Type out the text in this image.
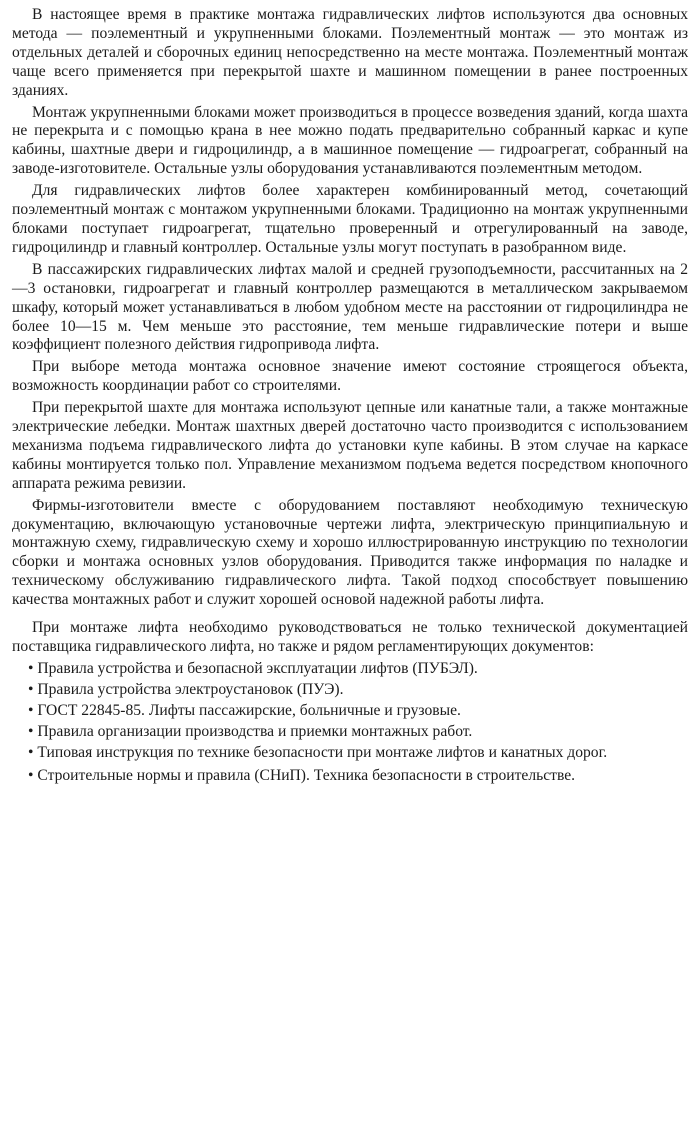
В настоящее время в практике монтажа гидравлических лифтов используются два основных метода — поэлементный и укрупненными блоками. Поэлементный монтаж — это монтаж из отдельных деталей и сборочных единиц непосредственно на месте монтажа. Поэлементный монтаж чаще всего применяется при перекрытой шахте и машинном помещении в ранее построенных зданиях.

Монтаж укрупненными блоками может производиться в процессе возведения зданий, когда шахта не перекрыта и с помощью крана в нее можно подать предварительно собранный каркас и купе кабины, шахтные двери и гидроцилиндр, а в машинное помещение — гидроагрегат, собранный на заводе-изготовителе. Остальные узлы оборудования устанавливаются поэлементным методом.

Для гидравлических лифтов более характерен комбинированный метод, сочетающий поэлементный монтаж с монтажом укрупненными блоками. Традиционно на монтаж укрупненными блоками поступает гидроагрегат, тщательно проверенный и отрегулированный на заводе, гидроцилиндр и главный контроллер. Остальные узлы могут поступать в разобранном виде.

В пассажирских гидравлических лифтах малой и средней грузоподъемности, рассчитанных на 2—3 остановки, гидроагрегат и главный контроллер размещаются в металлическом закрываемом шкафу, который может устанавливаться в любом удобном месте на расстоянии от гидроцилиндра не более 10—15 м. Чем меньше это расстояние, тем меньше гидравлические потери и выше коэффициент полезного действия гидропривода лифта.

При выборе метода монтажа основное значение имеют состояние строящегося объекта, возможность координации работ со строителями.

При перекрытой шахте для монтажа используют цепные или канатные тали, а также монтажные электрические лебедки. Монтаж шахтных дверей достаточно часто производится с использованием механизма подъема гидравлического лифта до установки купе кабины. В этом случае на каркасе кабины монтируется только пол. Управление механизмом подъема ведется посредством кнопочного аппарата режима ревизии.

Фирмы-изготовители вместе с оборудованием поставляют необходимую техническую документацию, включающую установочные чертежи лифта, электрическую принципиальную и монтажную схему, гидравлическую схему и хорошо иллюстрированную инструкцию по технологии сборки и монтажа основных узлов оборудования. Приводится также информация по наладке и техническому обслуживанию гидравлического лифта. Такой подход способствует повышению качества монтажных работ и служит хорошей основой надежной работы лифта.

При монтаже лифта необходимо руководствоваться не только технической документацией поставщика гидравлического лифта, но также и рядом регламентирующих документов:

• Правила устройства и безопасной эксплуатации лифтов (ПУБЭЛ).
• Правила устройства электроустановок (ПУЭ).
• ГОСТ 22845-85. Лифты пассажирские, больничные и грузовые.
• Правила организации производства и приемки монтажных работ.
• Типовая инструкция по технике безопасности при монтаже лифтов и канатных дорог.
• Строительные нормы и правила (СНиП). Техника безопасности в строительстве.
